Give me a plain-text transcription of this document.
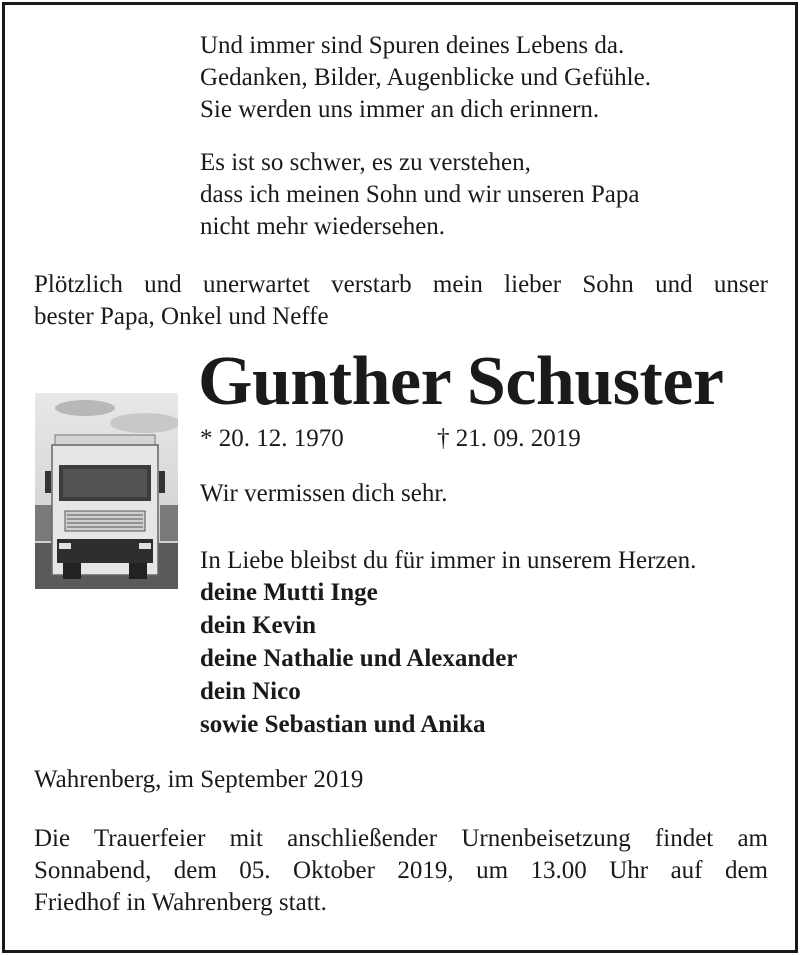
Und immer sind Spuren deines Lebens da.
Gedanken, Bilder, Augenblicke und Gefühle.
Sie werden uns immer an dich erinnern.
Es ist so schwer, es zu verstehen,
dass ich meinen Sohn und wir unseren Papa
nicht mehr wiedersehen.
Plötzlich und unerwartet verstarb mein lieber Sohn und unser
bester Papa, Onkel und Neffe
Gunther Schuster
* 20. 12. 1970	† 21. 09. 2019
Wir vermissen dich sehr.
In Liebe bleibst du für immer in unserem Herzen.
deine Mutti Inge
dein Kevin
deine Nathalie und Alexander
dein Nico
sowie Sebastian und Anika
Wahrenberg, im September 2019
Die Trauerfeier mit anschließender Urnenbeisetzung findet am
Sonnabend, dem 05. Oktober 2019, um 13.00 Uhr auf dem
Friedhof in Wahrenberg statt.
